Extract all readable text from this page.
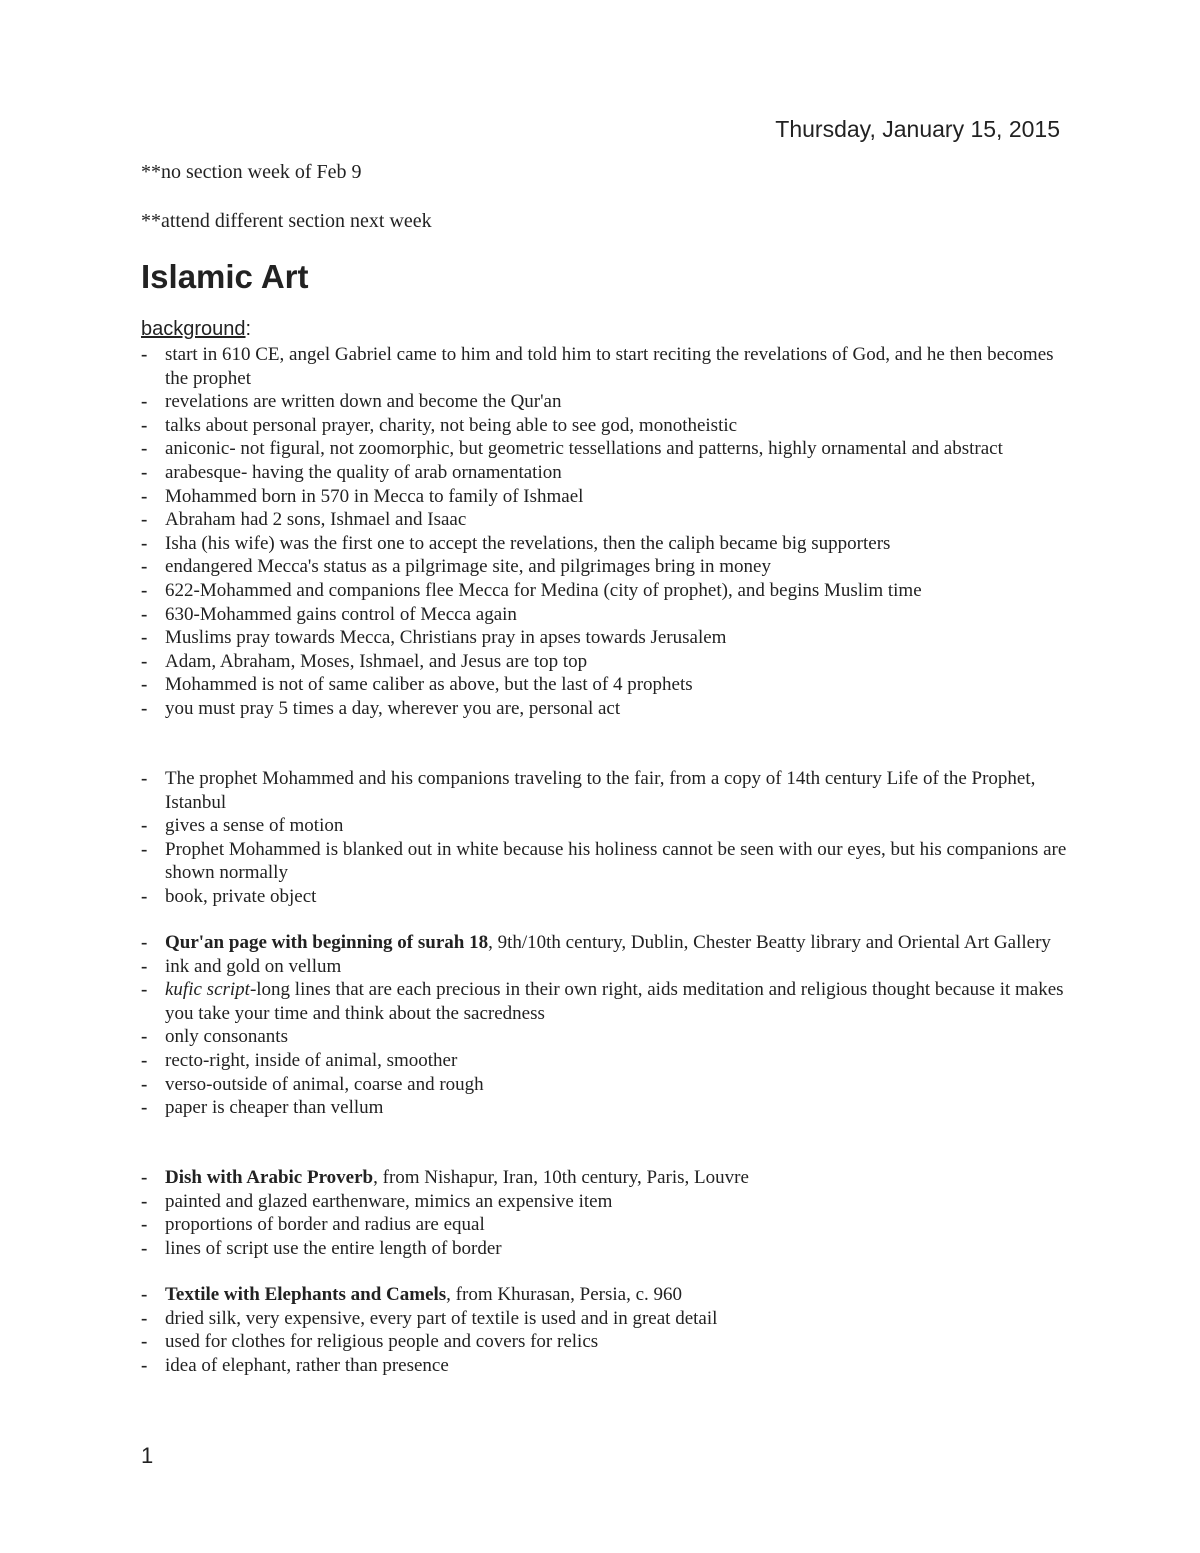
Thursday, January 15, 2015
**no section week of Feb 9
**attend different section next week
Islamic Art
background:
- start in 610 CE, angel Gabriel came to him and told him to start reciting the revelations of God, and he then becomes the prophet
- revelations are written down and become the Qur'an
- talks about personal prayer, charity, not being able to see god, monotheistic
- aniconic- not figural, not zoomorphic, but geometric tessellations and patterns, highly ornamental and abstract
- arabesque- having the quality of arab ornamentation
- Mohammed born in 570 in Mecca to family of Ishmael
- Abraham had 2 sons, Ishmael and Isaac
- Isha (his wife) was the first one to accept the revelations, then the caliph became big supporters
- endangered Mecca's status as a pilgrimage site, and pilgrimages bring in money
- 622-Mohammed and companions flee Mecca for Medina (city of prophet), and begins Muslim time
- 630-Mohammed gains control of Mecca again
- Muslims pray towards Mecca, Christians pray in apses towards Jerusalem
- Adam, Abraham, Moses, Ishmael, and Jesus are top top
- Mohammed is not of same caliber as above, but the last of 4 prophets
- you must pray 5 times a day, wherever you are, personal act
- The prophet Mohammed and his companions traveling to the fair, from a copy of 14th century Life of the Prophet, Istanbul
- gives a sense of motion
- Prophet Mohammed is blanked out in white because his holiness cannot be seen with our eyes, but his companions are shown normally
- book, private object
- Qur'an page with beginning of surah 18, 9th/10th century, Dublin, Chester Beatty library and Oriental Art Gallery
- ink and gold on vellum
- kufic script-long lines that are each precious in their own right, aids meditation and religious thought because it makes you take your time and think about the sacredness
- only consonants
- recto-right, inside of animal, smoother
- verso-outside of animal, coarse and rough
- paper is cheaper than vellum
- Dish with Arabic Proverb, from Nishapur, Iran, 10th century, Paris, Louvre
- painted and glazed earthenware, mimics an expensive item
- proportions of border and radius are equal
- lines of script use the entire length of border
- Textile with Elephants and Camels, from Khurasan, Persia, c. 960
- dried silk, very expensive, every part of textile is used and in great detail
- used for clothes for religious people and covers for relics
- idea of elephant, rather than presence
1
